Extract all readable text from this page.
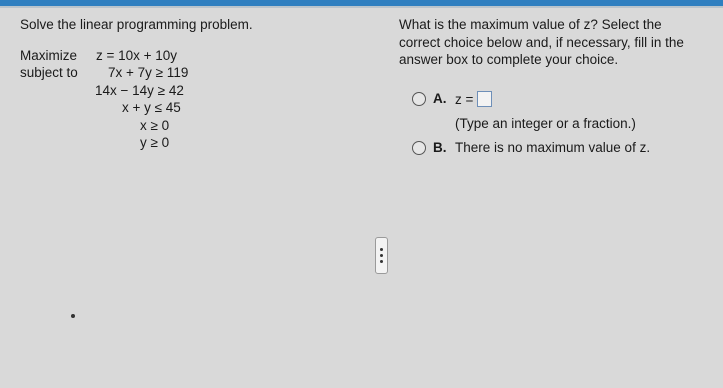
Solve the linear programming problem.
Maximize z = 10x + 10y
subject to 7x + 7y ≥ 119
14x − 14y ≥ 42
x + y ≤ 45
x ≥ 0
y ≥ 0
What is the maximum value of z? Select the
correct choice below and, if necessary, fill in the
answer box to complete your choice.
A. z =
(Type an integer or a fraction.)
B. There is no maximum value of z.
